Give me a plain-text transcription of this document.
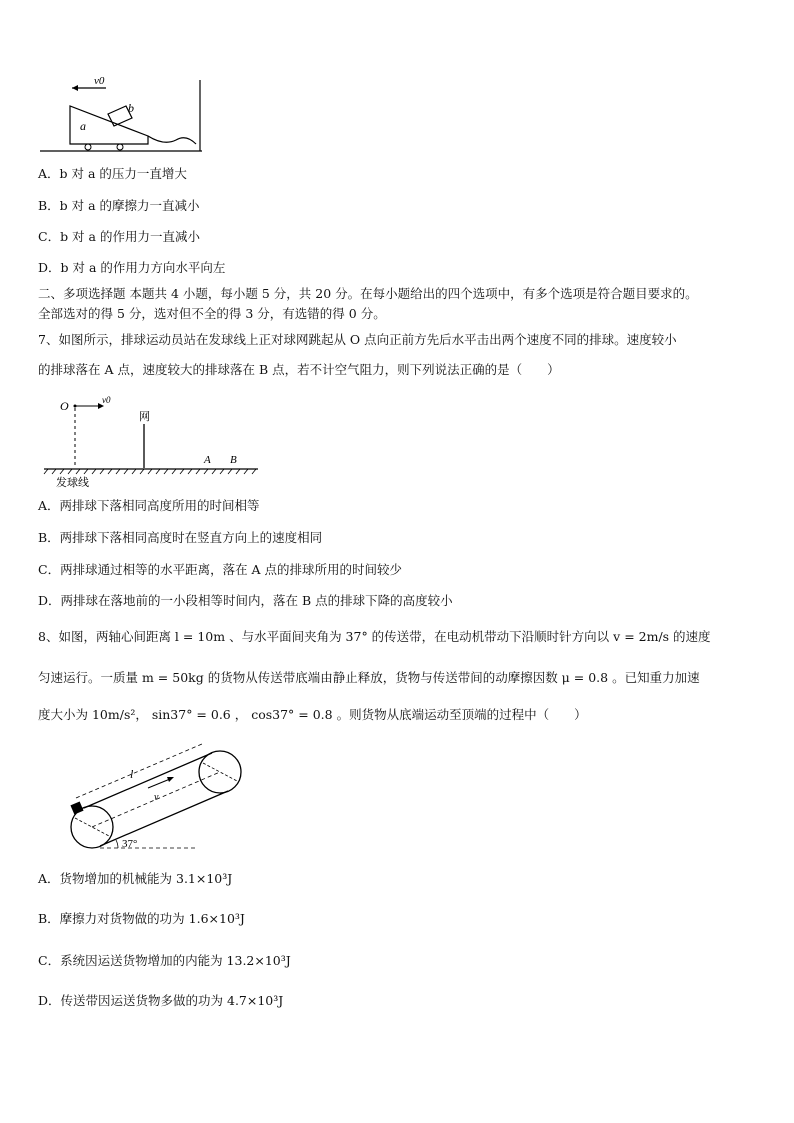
v0
b
a
A．b 对 a 的压力一直增大
B．b 对 a 的摩擦力一直减小
C．b 对 a 的作用力一直减小
D．b 对 a 的作用力方向水平向左
二、多项选择题 本题共 4 小题，每小题 5 分，共 20 分。在每小题给出的四个选项中，有多个选项是符合题目要求的。
全部选对的得 5 分，选对但不全的得 3 分，有选错的得 0 分。
7、如图所示，排球运动员站在发球线上正对球网跳起从 O 点向正前方先后水平击出两个速度不同的排球。速度较小
的排球落在 A 点，速度较大的排球落在 B 点，若不计空气阻力，则下列说法正确的是（　　）
O	v0
网
A B
发球线
A．两排球下落相同高度所用的时间相等
B．两排球下落相同高度时在竖直方向上的速度相同
C．两排球通过相等的水平距离，落在 A 点的排球所用的时间较少
D．两排球在落地前的一小段相等时间内，落在 B 点的排球下降的高度较小
8、如图，两轴心间距离 l = 10m 、与水平面间夹角为 37° 的传送带，在电动机带动下沿顺时针方向以 v = 2m/s 的速度
匀速运行。一质量 m = 50kg 的货物从传送带底端由静止释放，货物与传送带间的动摩擦因数 μ = 0.8 。已知重力加速
度大小为 10m/s²， sin37° = 0.6 ， cos37° = 0.8 。则货物从底端运动至顶端的过程中（　　）
l
v
37°
A．货物增加的机械能为 3.1×10³J
B．摩擦力对货物做的功为 1.6×10³J
C．系统因运送货物增加的内能为 13.2×10³J
D．传送带因运送货物多做的功为 4.7×10³J
